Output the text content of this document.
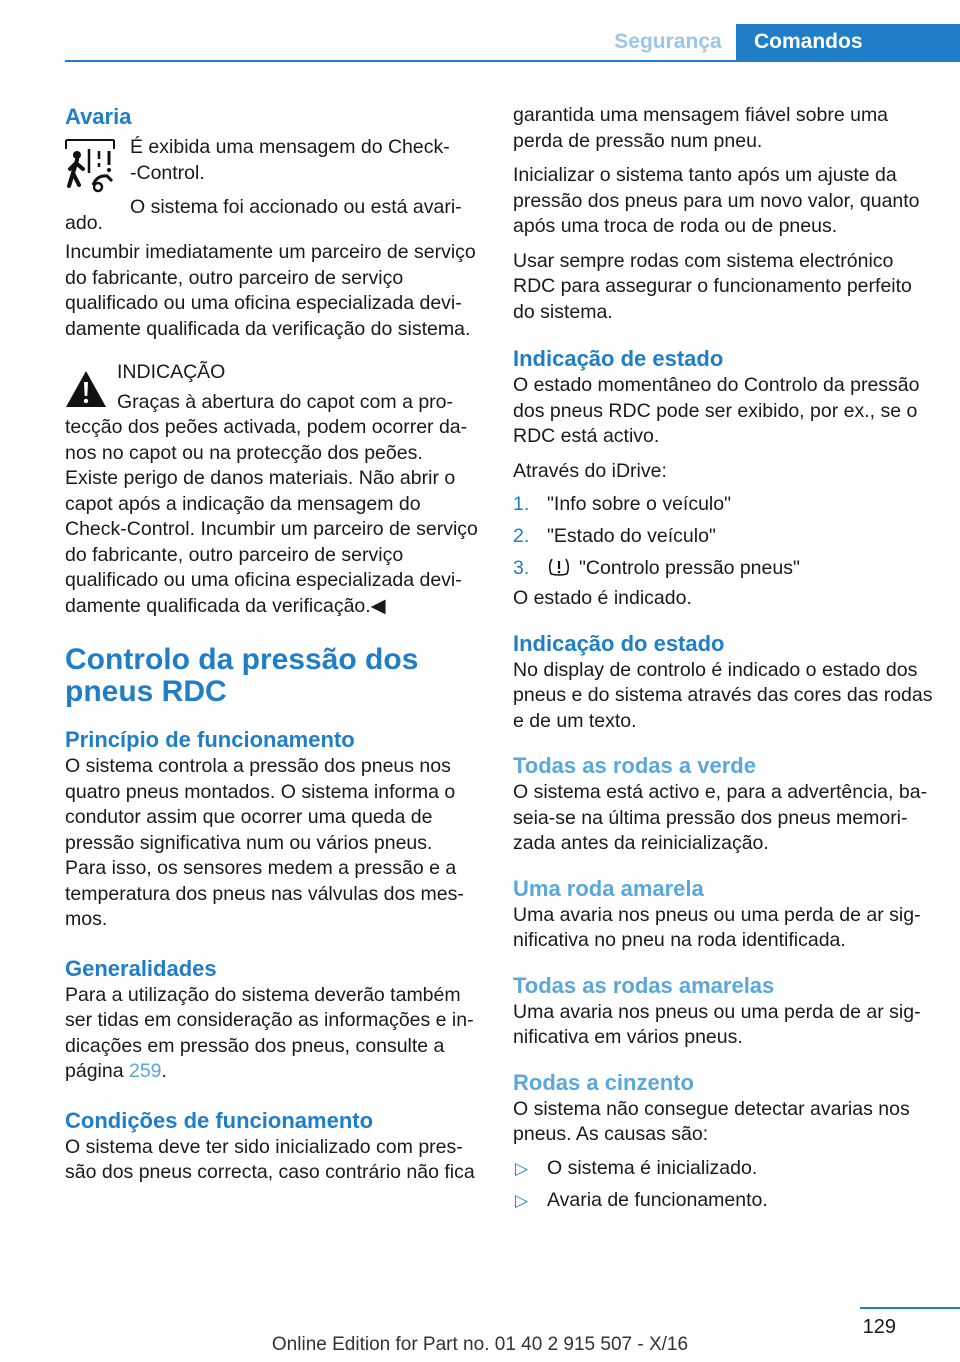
Segurança	Comandos
Avaria
É exibida uma mensagem do Check-
-Control.
O sistema foi accionado ou está avari-
ado.

Incumbir imediatamente um parceiro de serviço do fabricante, outro parceiro de serviço qualificado ou uma oficina especializada devidamente qualificada da verificação do sistema.

INDICAÇÃO
Graças à abertura do capot com a pro-
tecção dos peões activada, podem ocorrer danos no capot ou na protecção dos peões. Existe perigo de danos materiais. Não abrir o capot após a indicação da mensagem do Check-Control. Incumbir um parceiro de serviço do fabricante, outro parceiro de serviço qualificado ou uma oficina especializada devidamente qualificada da verificação.◀
Controlo da pressão dos pneus RDC
Princípio de funcionamento

O sistema controla a pressão dos pneus nos quatro pneus montados. O sistema informa o condutor assim que ocorrer uma queda de pressão significativa num ou vários pneus.

Para isso, os sensores medem a pressão e a temperatura dos pneus nas válvulas dos mesmos.

Generalidades

Para a utilização do sistema deverão também ser tidas em consideração as informações e indicações em pressão dos pneus, consulte a página 259.

Condições de funcionamento

O sistema deve ter sido inicializado com pressão dos pneus correcta, caso contrário não fica

garantida uma mensagem fiável sobre uma perda de pressão num pneu.

Inicializar o sistema tanto após um ajuste da pressão dos pneus para um novo valor, quanto após uma troca de roda ou de pneus.

Usar sempre rodas com sistema electrónico RDC para assegurar o funcionamento perfeito do sistema.

Indicação de estado

O estado momentâneo do Controlo da pressão dos pneus RDC pode ser exibido, por ex., se o RDC está activo.

Através do iDrive:

1. "Info sobre o veículo"
2. "Estado do veículo"
3.	"Controlo pressão pneus"

O estado é indicado.

Indicação do estado

No display de controlo é indicado o estado dos pneus e do sistema através das cores das rodas e de um texto.

Todas as rodas a verde

O sistema está activo e, para a advertência, baseia-se na última pressão dos pneus memorizada antes da reinicialização.

Uma roda amarela

Uma avaria nos pneus ou uma perda de ar significativa no pneu na roda identificada.

Todas as rodas amarelas

Uma avaria nos pneus ou uma perda de ar significativa em vários pneus.

Rodas a cinzento

O sistema não consegue detectar avarias nos pneus. As causas são:

▷ O sistema é inicializado.
▷ Avaria de funcionamento.
129
Online Edition for Part no. 01 40 2 915 507 - X/16
